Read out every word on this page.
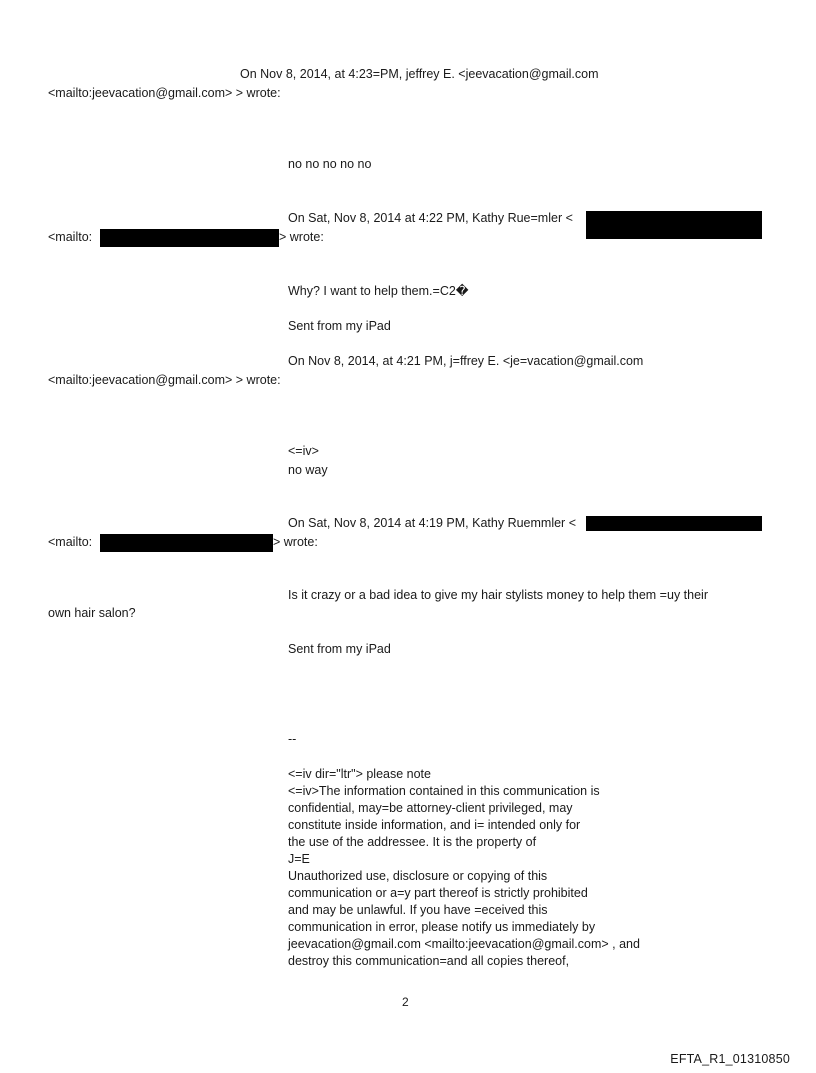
On Nov 8, 2014, at 4:23=PM, jeffrey E. <jeevacation@gmail.com
<mailto:jeevacation@gmail.com> > wrote:
no no no no no
On Sat, Nov 8, 2014 at 4:22 PM, Kathy Rue=mler <
<mailto:	> wrote:
Why? I want to help them.=C2�
Sent from my iPad
On Nov 8, 2014, at 4:21 PM, j=ffrey E. <je=vacation@gmail.com
<mailto:jeevacation@gmail.com> > wrote:
<=iv>
no way
On Sat, Nov 8, 2014 at 4:19 PM, Kathy Ruemmler <
<mailto:	> wrote:
Is it crazy or a bad idea to give my hair stylists money to help them =uy their
own hair salon?
Sent from my iPad
--
<=iv dir="ltr"> please note
<=iv>The information contained in this communication is
confidential, may=be attorney-client privileged, may
constitute inside information, and i= intended only for
the use of the addressee. It is the property of
J=E
Unauthorized use, disclosure or copying of this
communication or a=y part thereof is strictly prohibited
and may be unlawful. If you have =eceived this
communication in error, please notify us immediately by
jeevacation@gmail.com <mailto:jeevacation@gmail.com> , and
destroy this communication=and all copies thereof,
2
EFTA_R1_01310850
